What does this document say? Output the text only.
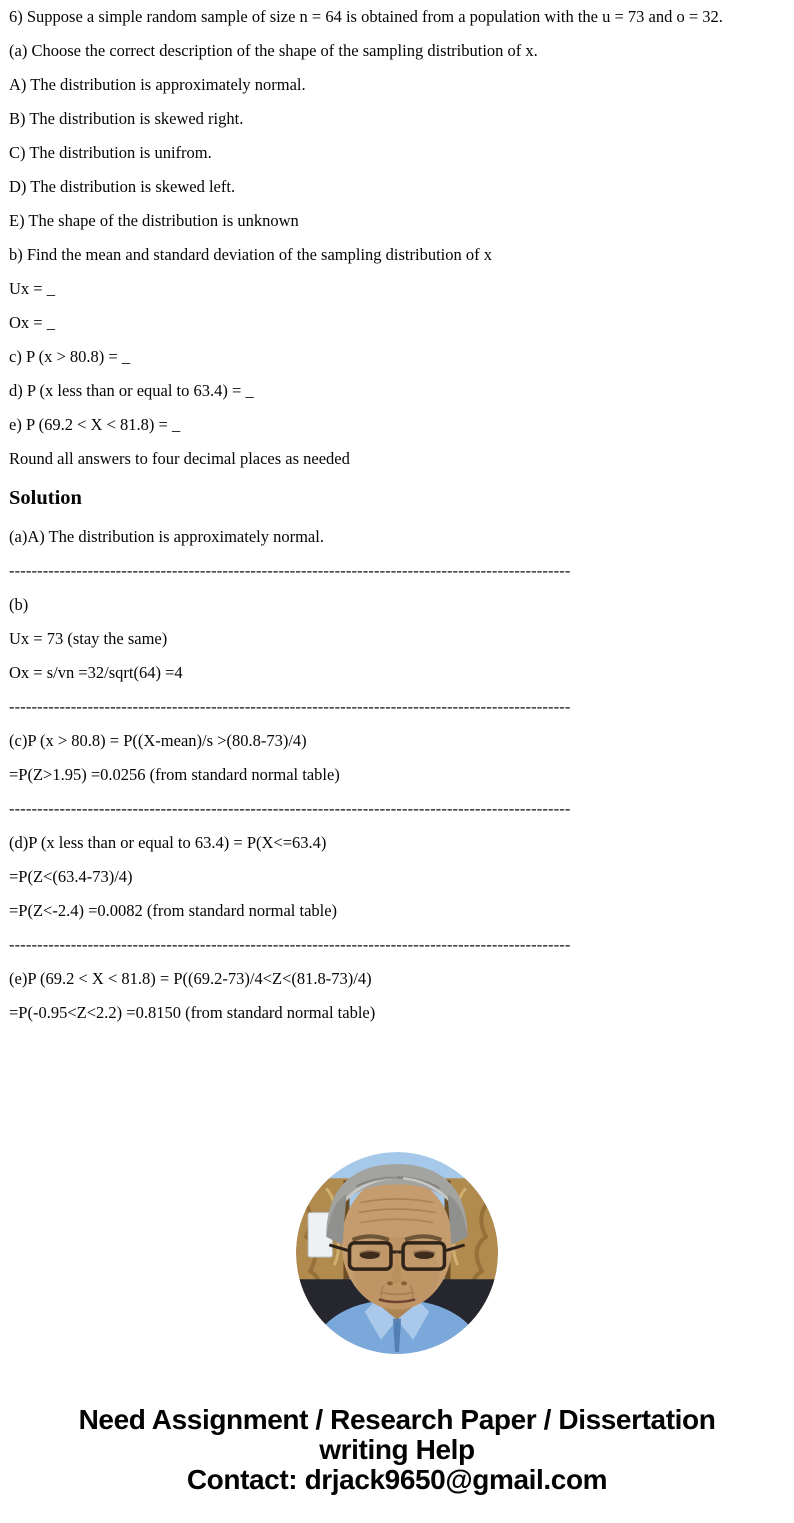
6) Suppose a simple random sample of size n = 64 is obtained from a population with the u = 73 and o = 32.

(a) Choose the correct description of the shape of the sampling distribution of x.

A) The distribution is approximately normal.

B) The distribution is skewed right.

C) The distribution is unifrom.

D) The distribution is skewed left.

E) The shape of the distribution is unknown

b) Find the mean and standard deviation of the sampling distribution of x

Ux = _

Ox = _

c) P (x > 80.8) = _

d) P (x less than or equal to 63.4) = _

e) P (69.2 < X < 81.8) = _

Round all answers to four decimal places as needed

Solution

(a)A) The distribution is approximately normal.

----------------------------------------------------------------------------------------------------

(b)

Ux = 73 (stay the same)

Ox = s/vn =32/sqrt(64) =4

----------------------------------------------------------------------------------------------------

(c)P (x > 80.8) = P((X-mean)/s >(80.8-73)/4)

=P(Z>1.95) =0.0256 (from standard normal table)

----------------------------------------------------------------------------------------------------

(d)P (x less than or equal to 63.4) = P(X<=63.4)

=P(Z<(63.4-73)/4)

=P(Z<-2.4) =0.0082 (from standard normal table)

----------------------------------------------------------------------------------------------------

(e)P (69.2 < X < 81.8) = P((69.2-73)/4<Z<(81.8-73)/4)

=P(-0.95<Z<2.2) =0.8150 (from standard normal table)

Need Assignment / Research Paper / Dissertation
writing Help
Contact: drjack9650@gmail.com
